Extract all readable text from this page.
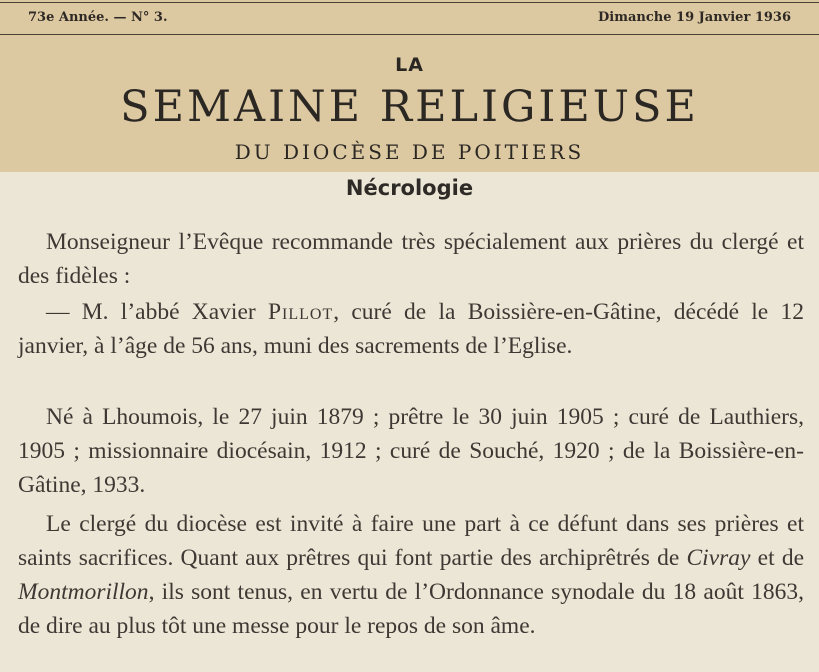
73e Année. — N° 3.	Dimanche 19 Janvier 1936
LA
SEMAINE RELIGIEUSE
DU DIOCÈSE DE POITIERS
Nécrologie

Monseigneur l’Evêque recommande très spécialement aux prières du clergé et des fidèles :

— M. l’abbé Xavier Pillot, curé de la Boissière-en-Gâtine, décédé le 12 janvier, à l’âge de 56 ans, muni des sacrements de l’Eglise.

Né à Lhoumois, le 27 juin 1879 ; prêtre le 30 juin 1905 ; curé de Lauthiers, 1905 ; missionnaire diocésain, 1912 ; curé de Souché, 1920 ; de la Boissière-en-Gâtine, 1933.

Le clergé du diocèse est invité à faire une part à ce défunt dans ses prières et saints sacrifices. Quant aux prêtres qui font partie des archiprêtrés de Civray et de Montmorillon, ils sont tenus, en vertu de l’Ordonnance synodale du 18 août 1863, de dire au plus tôt une messe pour le repos de son âme.
